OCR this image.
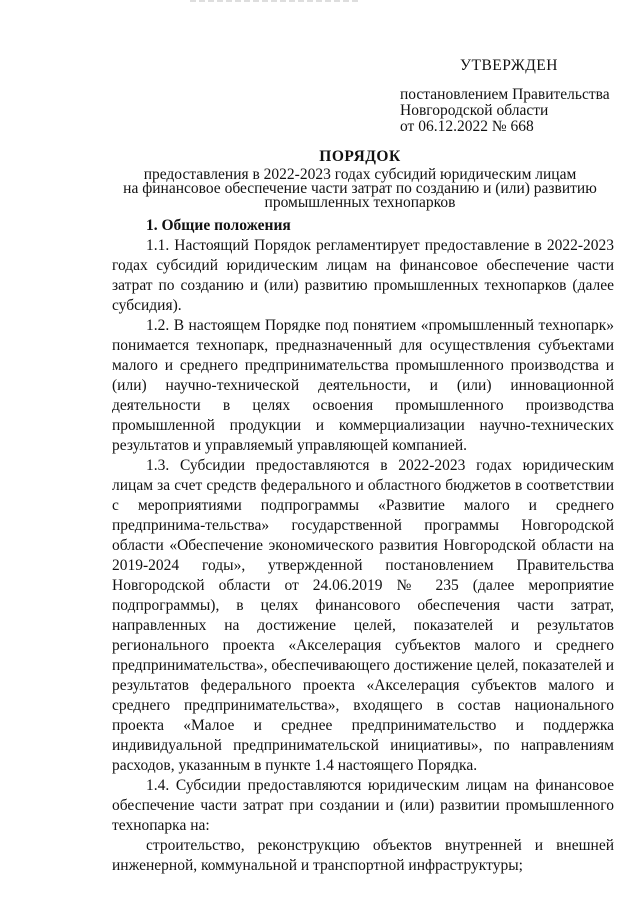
УТВЕРЖДЕН
постановлением Правительства
Новгородской области
от 06.12.2022 № 668
ПОРЯДОК
предоставления в 2022-2023 годах субсидий юридическим лицам
на финансовое обеспечение части затрат по созданию и (или) развитию
промышленных технопарков

1. Общие положения

1.1. Настоящий Порядок регламентирует предоставление в 2022-2023 годах субсидий юридическим лицам на финансовое обеспечение части затрат по созданию и (или) развитию промышленных технопарков (далее субсидия).

1.2. В настоящем Порядке под понятием «промышленный технопарк» понимается технопарк, предназначенный для осуществления субъектами малого и среднего предпринимательства промышленного производства и (или) научно-технической деятельности, и (или) инновационной деятельности в целях освоения промышленного производства промышленной продукции и коммерциализации научно-технических результатов и управляемый управляющей компанией.

1.3. Субсидии предоставляются в 2022-2023 годах юридическим лицам за счет средств федерального и областного бюджетов в соответствии с мероприятиями подпрограммы «Развитие малого и среднего предпринима-тельства» государственной программы Новгородской области «Обеспечение экономического развития Новгородской области на 2019-2024 годы», утвержденной постановлением Правительства Новгородской области от 24.06.2019 № 235 (далее мероприятие подпрограммы), в целях финансового обеспечения части затрат, направленных на достижение целей, показателей и результатов регионального проекта «Акселерация субъектов малого и среднего предпринимательства», обеспечивающего достижение целей, показателей и результатов федерального проекта «Акселерация субъектов малого и среднего предпринимательства», входящего в состав национального проекта «Малое и среднее предпринимательство и поддержка индивидуальной предпринимательской инициативы», по направлениям расходов, указанным в пункте 1.4 настоящего Порядка.

1.4. Субсидии предоставляются юридическим лицам на финансовое обеспечение части затрат при создании и (или) развитии промышленного технопарка на:

строительство, реконструкцию объектов внутренней и внешней инженерной, коммунальной и транспортной инфраструктуры;
